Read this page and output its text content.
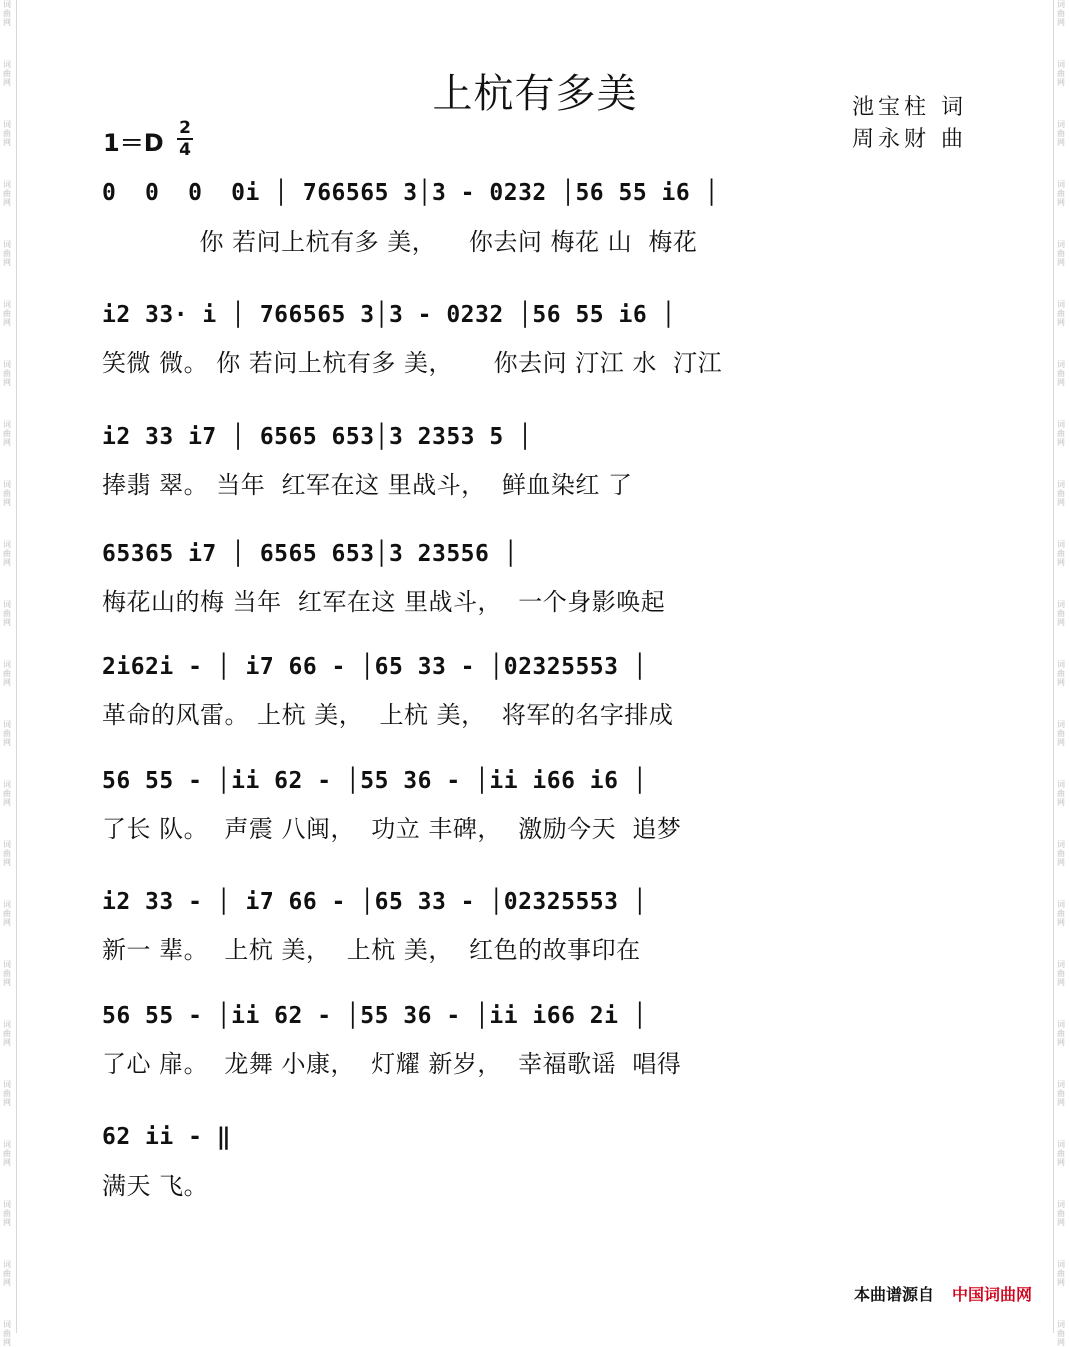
词
曲
网
词
曲
网
词
曲
网
词
曲
网
词
曲
网
词
曲
网
词
曲
网
词
曲
网
词
曲
网
词
曲
网
词
曲
网
词
曲
网
词
曲
网
词
曲
网
词
曲
网
词
曲
网
词
曲
网
词
曲
网
词
曲
网
词
曲
网
词
曲
网
词
曲
网
词
曲
网
词
曲
网
词
曲
网
词
曲
网
词
曲
网
词
曲
网
词
曲
网
词
曲
网
词
曲
网
词
曲
网
词
曲
网
词
曲
网
词
曲
网
词
曲
网
词
曲
网
词
曲
网
词
曲
网
词
曲
网
词
曲
网
词
曲
网
词
曲
网
词
曲
网
词
曲
网
词
曲
网
上杭有多美	池宝柱 词
周永财 曲
1＝D
2
4
0  0  0  0i │ 766565 3│3 - 0232 │56 55 i6 │
你 若问上杭有多 美，    你去问 梅花 山  梅花
i2 33· i │ 766565 3│3 - 0232 │56 55 i6 │
笑微 微。 你 若问上杭有多 美，     你去问 汀江 水  汀江
i2 33 i7 │ 6565 653│3 2353 5 │
捧翡 翠。 当年  红军在这 里战斗，  鲜血染红 了
65365 i7 │ 6565 653│3 23556 │
梅花山的梅 当年  红军在这 里战斗，  一个身影唤起
2i62i - │ i7 66 - │65 33 - │02325553 │
革命的风雷。 上杭 美，  上杭 美，  将军的名字排成
56 55 - │ii 62 - │55 36 - │ii i66 i6 │
了长 队。  声震 八闽，  功立 丰碑，  激励今天  追梦
i2 33 - │ i7 66 - │65 33 - │02325553 │
新一 辈。  上杭 美，  上杭 美，  红色的故事印在
56 55 - │ii 62 - │55 36 - │ii i66 2i │
了心 扉。  龙舞 小康，  灯耀 新岁，  幸福歌谣  唱得
62 ii - ‖
满天 飞。
本曲谱源自 中国词曲网
